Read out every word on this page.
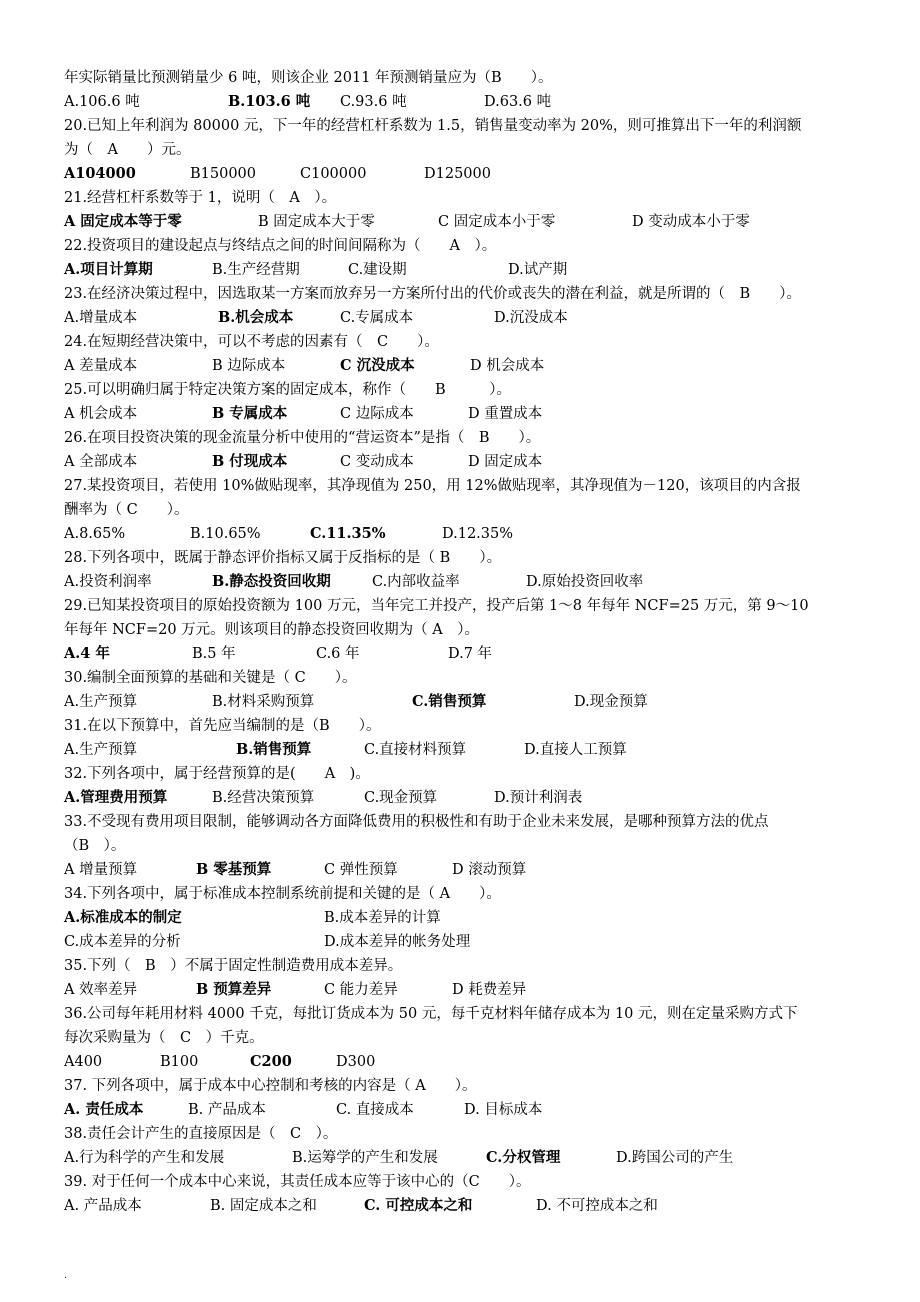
年实际销量比预测销量少 6 吨，则该企业 2011 年预测销量应为（B　　）。
A.106.6 吨	B.103.6 吨 C.93.6 吨	D.63.6 吨
20.已知上年利润为 80000 元，下一年的经营杠杆系数为 1.5，销售量变动率为 20%，则可推算出下一年的利润额
为（　A　　）元。
A104000	B150000	C100000	D125000
21.经营杠杆系数等于 1，说明（　A　）。
A 固定成本等于零	B 固定成本大于零	C 固定成本小于零	D 变动成本小于零
22.投资项目的建设起点与终结点之间的时间间隔称为（　　A　）。
A.项目计算期	B.生产经营期	C.建设期	D.试产期
23.在经济决策过程中，因选取某一方案而放弃另一方案所付出的代价或丧失的潜在利益，就是所谓的（　B　　）。
A.增量成本	B.机会成本	C.专属成本	D.沉没成本
24.在短期经营决策中，可以不考虑的因素有（　C　　）。
A 差量成本	B 边际成本	C 沉没成本	D 机会成本
25.可以明确归属于特定决策方案的固定成本，称作（　　B　　　）。
A 机会成本	B 专属成本	C 边际成本	D 重置成本
26.在项目投资决策的现金流量分析中使用的“营运资本”是指（　B　　）。
A 全部成本	B 付现成本	C 变动成本	D 固定成本
27.某投资项目，若使用 10%做贴现率，其净现值为 250，用 12%做贴现率，其净现值为－120，该项目的内含报
酬率为（ C　　）。
A.8.65%	B.10.65%	C.11.35%	D.12.35%
28.下列各项中，既属于静态评价指标又属于反指标的是（ B　　）。
A.投资利润率	B.静态投资回收期	C.内部收益率	D.原始投资回收率
29.已知某投资项目的原始投资额为 100 万元，当年完工并投产，投产后第 1～8 年每年 NCF=25 万元，第 9～10
年每年 NCF=20 万元。则该项目的静态投资回收期为（ A　）。
A.4 年	B.5 年	C.6 年	D.7 年
30.编制全面预算的基础和关键是（ C　　）。
A.生产预算	B.材料采购预算	C.销售预算	D.现金预算
31.在以下预算中，首先应当编制的是（B　　）。
A.生产预算	B.销售预算	C.直接材料预算	D.直接人工预算
32.下列各项中，属于经营预算的是(　　A　)。
A.管理费用预算	B.经营决策预算	C.现金预算	D.预计利润表
33.不受现有费用项目限制，能够调动各方面降低费用的积极性和有助于企业未来发展，是哪种预算方法的优点
（B　）。
A 增量预算	B 零基预算	C 弹性预算	D 滚动预算
34.下列各项中，属于标准成本控制系统前提和关键的是（ A　　）。
A.标准成本的制定	B.成本差异的计算
C.成本差异的分析	D.成本差异的帐务处理
35.下列（　B　）不属于固定性制造费用成本差异。
A 效率差异	B 预算差异	C 能力差异	D 耗费差异
36.公司每年耗用材料 4000 千克，每批订货成本为 50 元，每千克材料年储存成本为 10 元，则在定量采购方式下
每次采购量为（　C　）千克。
A400	B100	C200	D300
37. 下列各项中，属于成本中心控制和考核的内容是（ A　　）。
A. 责任成本	B. 产品成本	C. 直接成本	D. 目标成本
38.责任会计产生的直接原因是（　C　）。
A.行为科学的产生和发展	B.运筹学的产生和发展	C.分权管理	D.跨国公司的产生
39. 对于任何一个成本中心来说，其责任成本应等于该中心的（C　　）。
A. 产品成本	B. 固定成本之和	C. 可控成本之和	D. 不可控成本之和
.
